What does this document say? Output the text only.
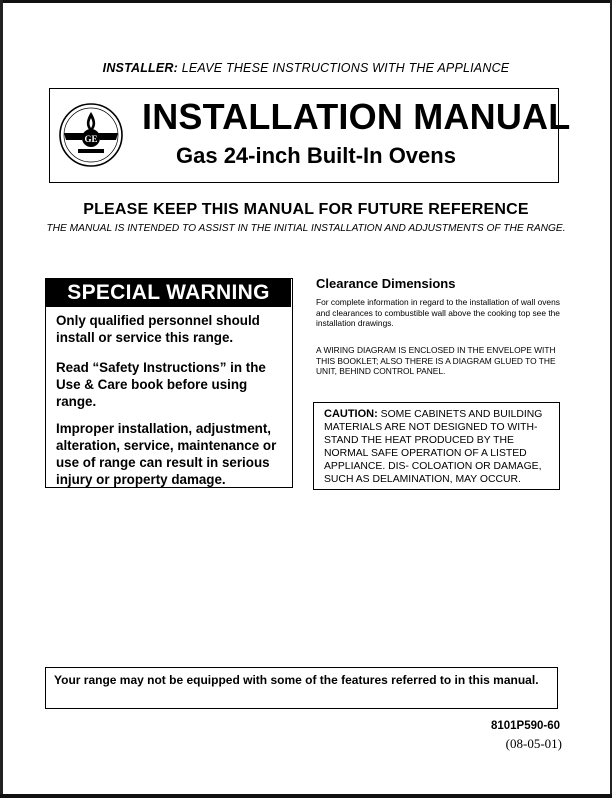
INSTALLER: LEAVE THESE INSTRUCTIONS WITH THE APPLIANCE
GE
INSTALLATION MANUAL
Gas 24-inch Built-In Ovens
PLEASE KEEP THIS MANUAL FOR FUTURE REFERENCE
THE MANUAL IS INTENDED TO ASSIST IN THE INITIAL INSTALLATION AND ADJUSTMENTS OF THE RANGE.
SPECIAL WARNING
Only qualified personnel should install or service this range.
Read “Safety Instructions” in the Use & Care book before using range.
Improper installation, adjustment, alteration, service, maintenance or use of range can result in serious injury or property damage.
Clearance Dimensions
For complete information in regard to the installation of wall ovens and clearances to combustible wall above the cooking top see the installation drawings.
A WIRING DIAGRAM IS ENCLOSED IN THE ENVELOPE WITH THIS BOOKLET; ALSO THERE IS A DIAGRAM GLUED TO THE UNIT, BEHIND CONTROL PANEL.
CAUTION: SOME CABINETS AND BUILDING MATERIALS ARE NOT DESIGNED TO WITH- STAND THE HEAT PRODUCED BY THE NORMAL SAFE OPERATION OF A LISTED APPLIANCE. DIS- COLOATION OR DAMAGE, SUCH AS DELAMINATION, MAY OCCUR.
Your range may not be equipped with some of the features referred to in this manual.
8101P590-60
(08-05-01)
